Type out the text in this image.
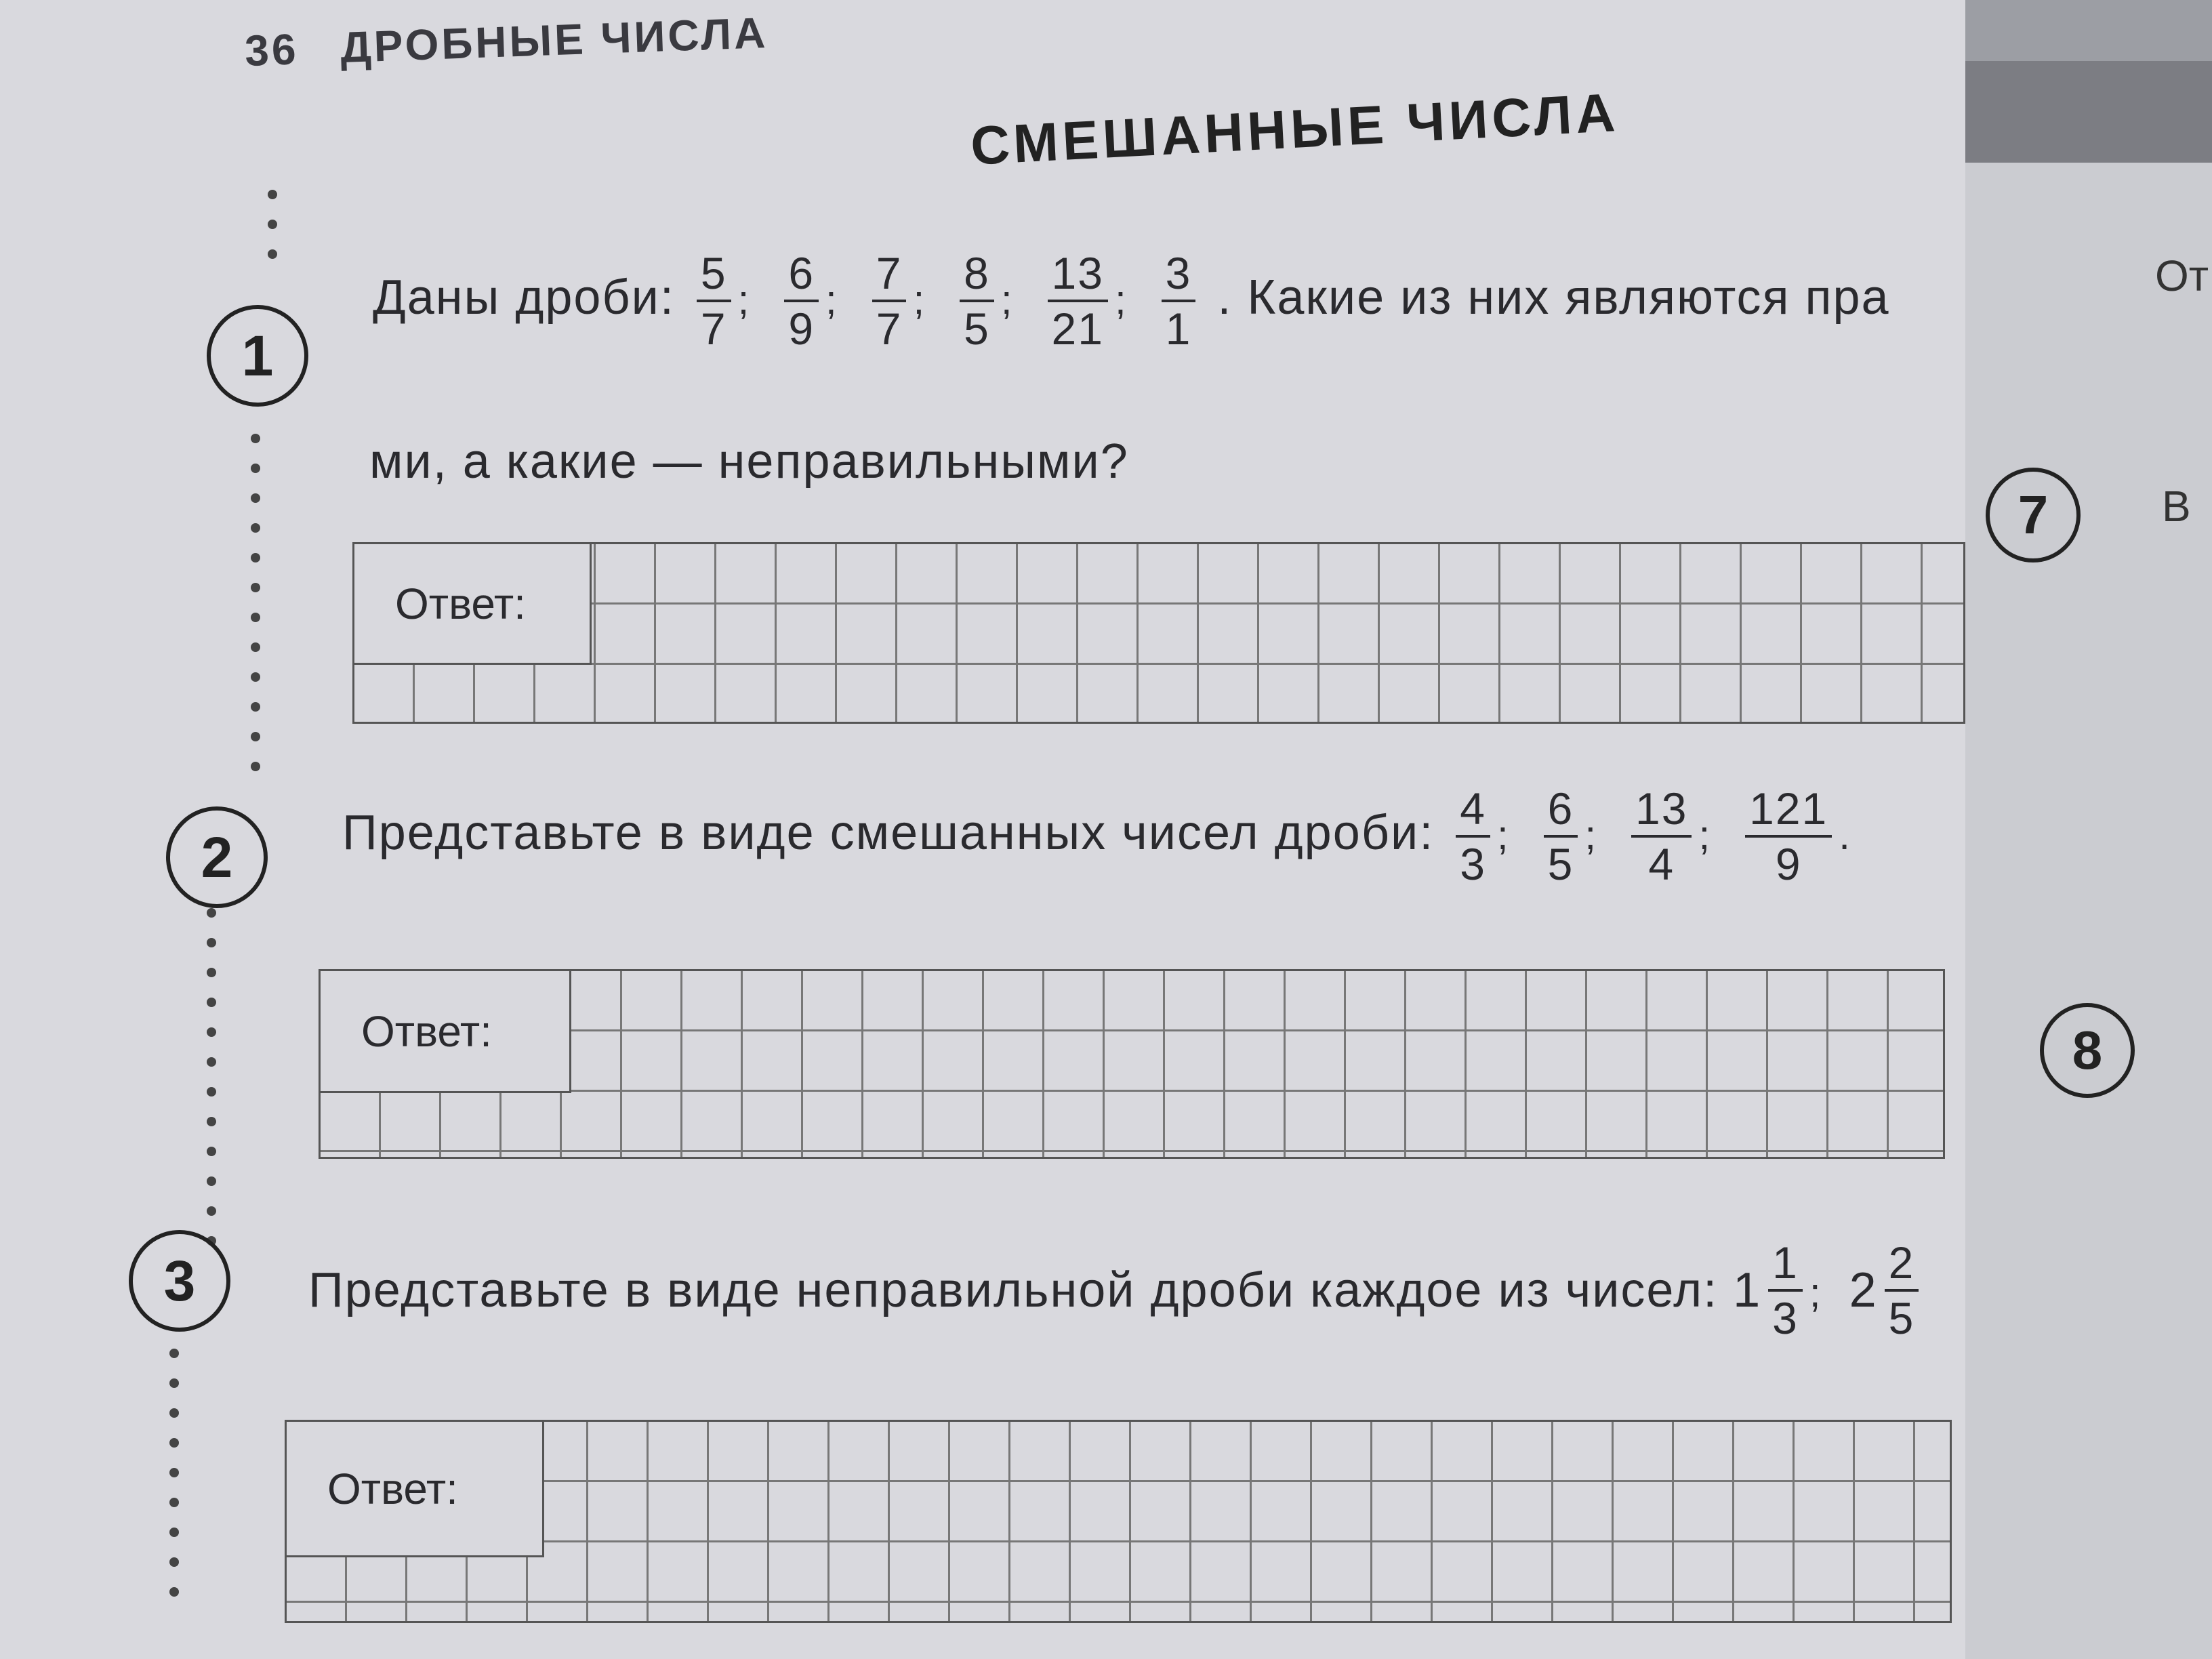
36 ДРОБНЫЕ ЧИСЛА
СМЕШАННЫЕ ЧИСЛА
1
Даны дроби: $\frac{5}{7}$ ; $\frac{6}{9}$ ; $\frac{7}{7}$ ; $\frac{8}{5}$ ; $\frac{13}{21}$ ; $\frac{3}{1}$ . Какие из них являются пра
ми, а какие — неправильными?
Ответ:
2	Представьте в виде смешанных чисел дроби: $\frac{4}{3}$ ; $\frac{6}{5}$ ; $\frac{13}{4}$ ; $\frac{121}{9}$ .
Ответ:
3	Представьте в виде неправильной дроби каждое из чисел: $1 \frac{1}{3}$ ; $2 \frac{2}{5}$
Ответ:
От
7	В
8
